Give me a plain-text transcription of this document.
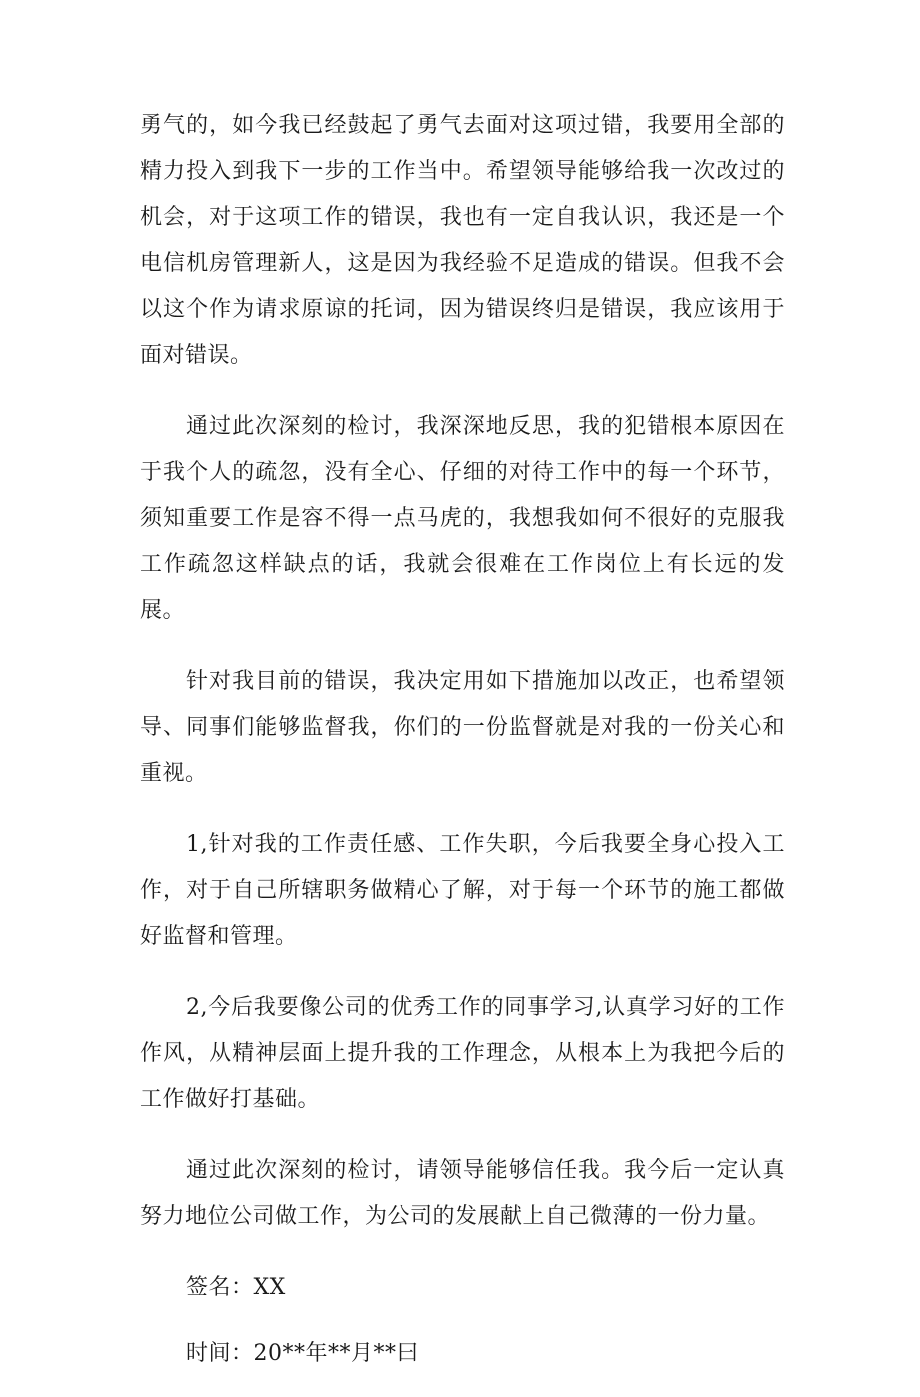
勇气的，如今我已经鼓起了勇气去面对这项过错，我要用全部的精力投入到我下一步的工作当中。希望领导能够给我一次改过的机会，对于这项工作的错误，我也有一定自我认识，我还是一个电信机房管理新人，这是因为我经验不足造成的错误。但我不会以这个作为请求原谅的托词，因为错误终归是错误，我应该用于面对错误。

通过此次深刻的检讨，我深深地反思，我的犯错根本原因在于我个人的疏忽，没有全心、仔细的对待工作中的每一个环节，须知重要工作是容不得一点马虎的，我想我如何不很好的克服我工作疏忽这样缺点的话，我就会很难在工作岗位上有长远的发展。

针对我目前的错误，我决定用如下措施加以改正，也希望领导、同事们能够监督我，你们的一份监督就是对我的一份关心和重视。

1,针对我的工作责任感、工作失职，今后我要全身心投入工作，对于自己所辖职务做精心了解，对于每一个环节的施工都做好监督和管理。

2,今后我要像公司的优秀工作的同事学习,认真学习好的工作作风，从精神层面上提升我的工作理念，从根本上为我把今后的工作做好打基础。

通过此次深刻的检讨，请领导能够信任我。我今后一定认真努力地位公司做工作，为公司的发展献上自己微薄的一份力量。

签名：XX

时间：20**年**月**曰
